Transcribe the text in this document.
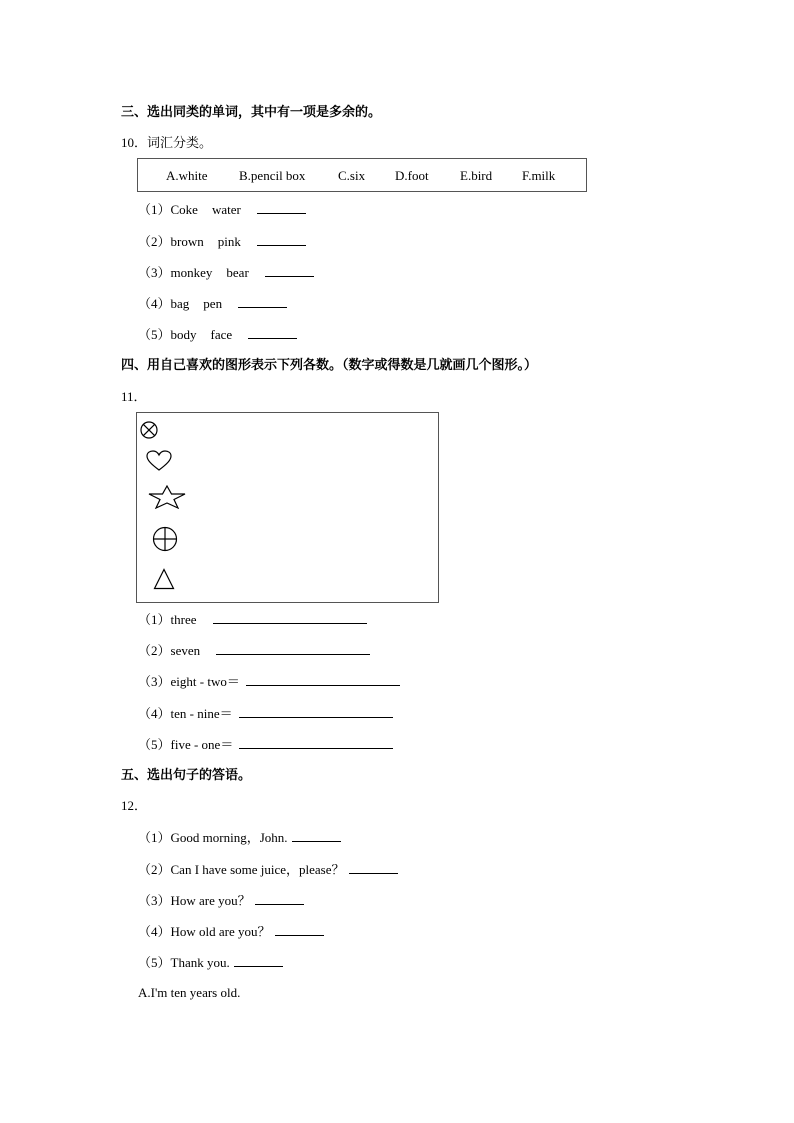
三、选出同类的单词，其中有一项是多余的。
10．词汇分类。
A.white B.pencil box	C.six D.foot E.bird F.milk
（1）Coke water
（2）brown pink
（3）monkey bear
（4）bag pen
（5）body face
四、用自己喜欢的图形表示下列各数。（数字或得数是几就画几个图形。）
11．
（1）three
（2）seven
（3）eight - two＝
（4）ten - nine＝
（5）five - one＝
五、选出句子的答语。
12．
（1）Good morning，John.
（2）Can I have some juice，please？
（3）How are you？
（4）How old are you？
（5）Thank you.
A.I'm ten years old.
